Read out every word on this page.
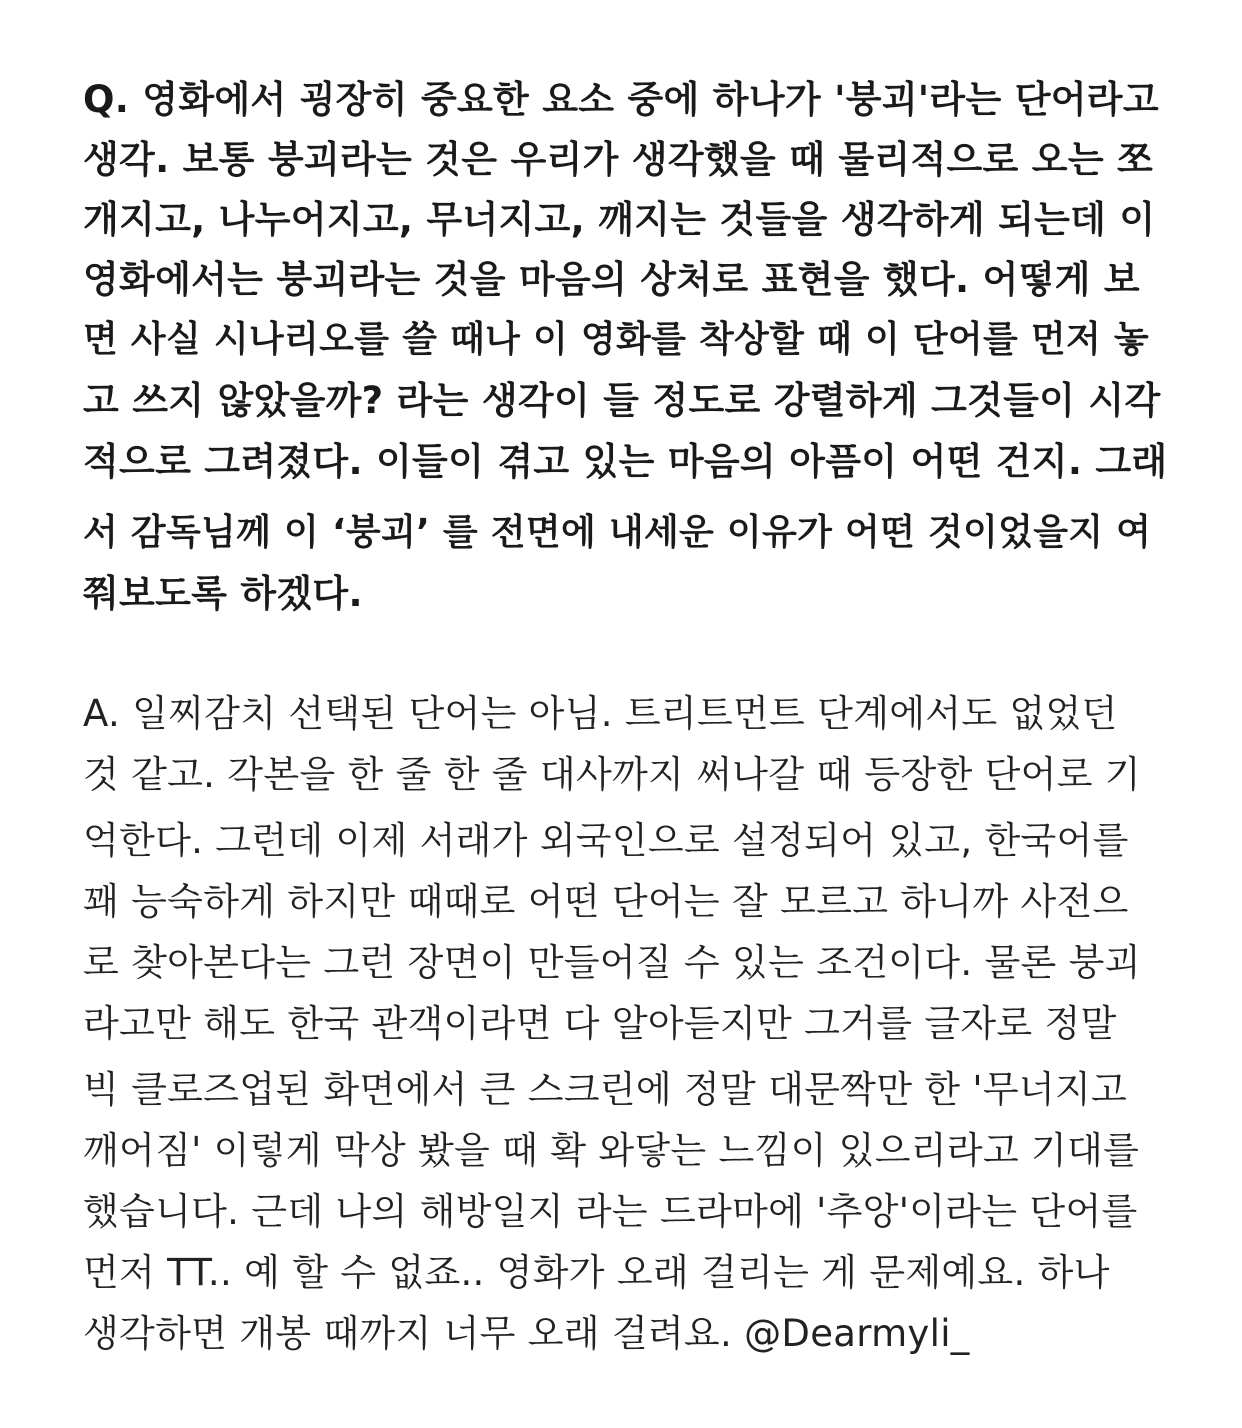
Q. 영화에서 굉장히 중요한 요소 중에 하나가 '붕괴'라는 단어라고
생각. 보통 붕괴라는 것은 우리가 생각했을 때 물리적으로 오는 쪼
개지고, 나누어지고, 무너지고, 깨지는 것들을 생각하게 되는데 이
영화에서는 붕괴라는 것을 마음의 상처로 표현을 했다. 어떻게 보
면 사실 시나리오를 쓸 때나 이 영화를 착상할 때 이 단어를 먼저 놓
고 쓰지 않았을까? 라는 생각이 들 정도로 강렬하게 그것들이 시각
적으로 그려졌다. 이들이 겪고 있는 마음의 아픔이 어떤 건지. 그래
서 감독님께 이 ‘붕괴’ 를 전면에 내세운 이유가 어떤 것이었을지 여
쭤보도록 하겠다.
A. 일찌감치 선택된 단어는 아님. 트리트먼트 단계에서도 없었던
것 같고. 각본을 한 줄 한 줄 대사까지 써나갈 때 등장한 단어로 기
억한다. 그런데 이제 서래가 외국인으로 설정되어 있고, 한국어를
꽤 능숙하게 하지만 때때로 어떤 단어는 잘 모르고 하니까 사전으
로 찾아본다는 그런 장면이 만들어질 수 있는 조건이다. 물론 붕괴
라고만 해도 한국 관객이라면 다 알아듣지만 그거를 글자로 정말
빅 클로즈업된 화면에서 큰 스크린에 정말 대문짝만 한 '무너지고
깨어짐' 이렇게 막상 봤을 때 확 와닿는 느낌이 있으리라고 기대를
했습니다. 근데 나의 해방일지 라는 드라마에 '추앙'이라는 단어를
먼저 TT.. 예 할 수 없죠.. 영화가 오래 걸리는 게 문제예요. 하나
생각하면 개봉 때까지 너무 오래 걸려요. @Dearmyli_
